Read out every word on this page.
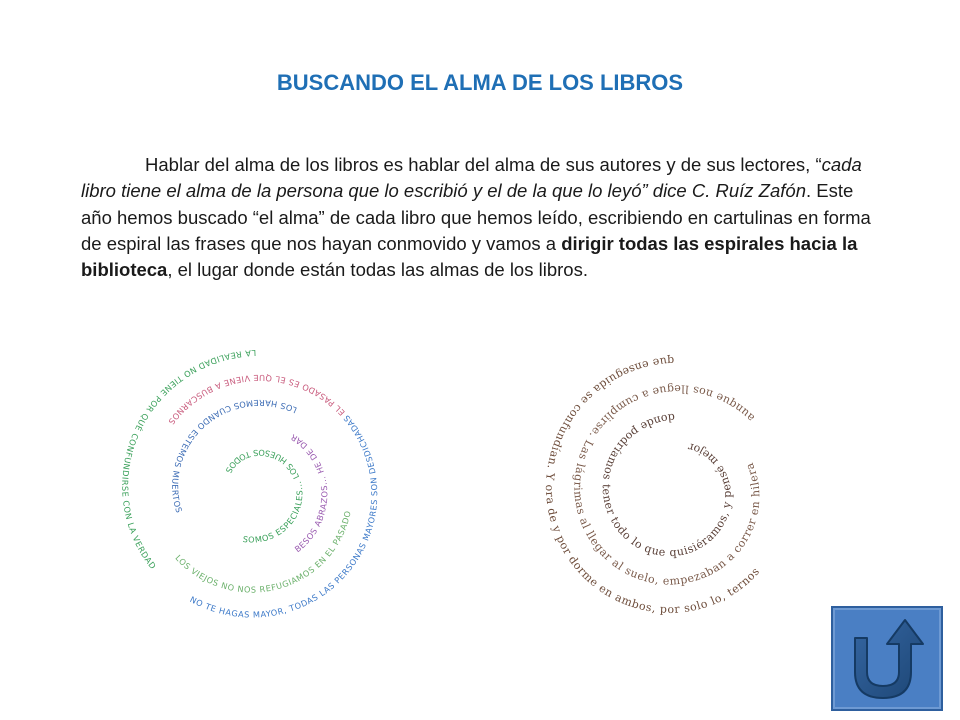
BUSCANDO EL ALMA DE LOS LIBROS

Hablar del alma de los libros es hablar del alma de sus autores y de sus lectores, “cada libro tiene el alma de la persona que lo escribió y el de la que lo leyó” dice C. Ruíz Zafón. Este año hemos buscado “el alma” de cada libro que hemos leído, escribiendo en cartulinas en forma de espiral las frases que nos hayan conmovido y vamos a dirigir todas las espirales hacia la biblioteca, el lugar donde están todas las almas de los libros.

LA REALIDAD NO TIENE POR QUÉ CONFUNDIRSE CON LA VERDAD
NO TE HAGAS MAYOR, TODAS LAS PERSONAS MAYORES SON DESDICHADAS
EL PASADO ES EL QUE VIENE A BUSCARNOS
LOS VIEJOS NO NOS REFUGIAMOS EN EL PASADO
LOS HAREMOS CUANDO ESTEMOS MUERTOS
BESOS ABRAZOS... HE DE DAR
SOMOS ESPECIALES... LOS HUESOS TODOS
que enseguida se confundían. Y ora de y por dorme en ambos, por solo lo, ternos
aunque nos llegue a cumplirse. Las lágrimas al llegar al suelo, empezaban a correr en hilera
donde podríamos tener todo lo que quisiéramos, y pensé mejor
